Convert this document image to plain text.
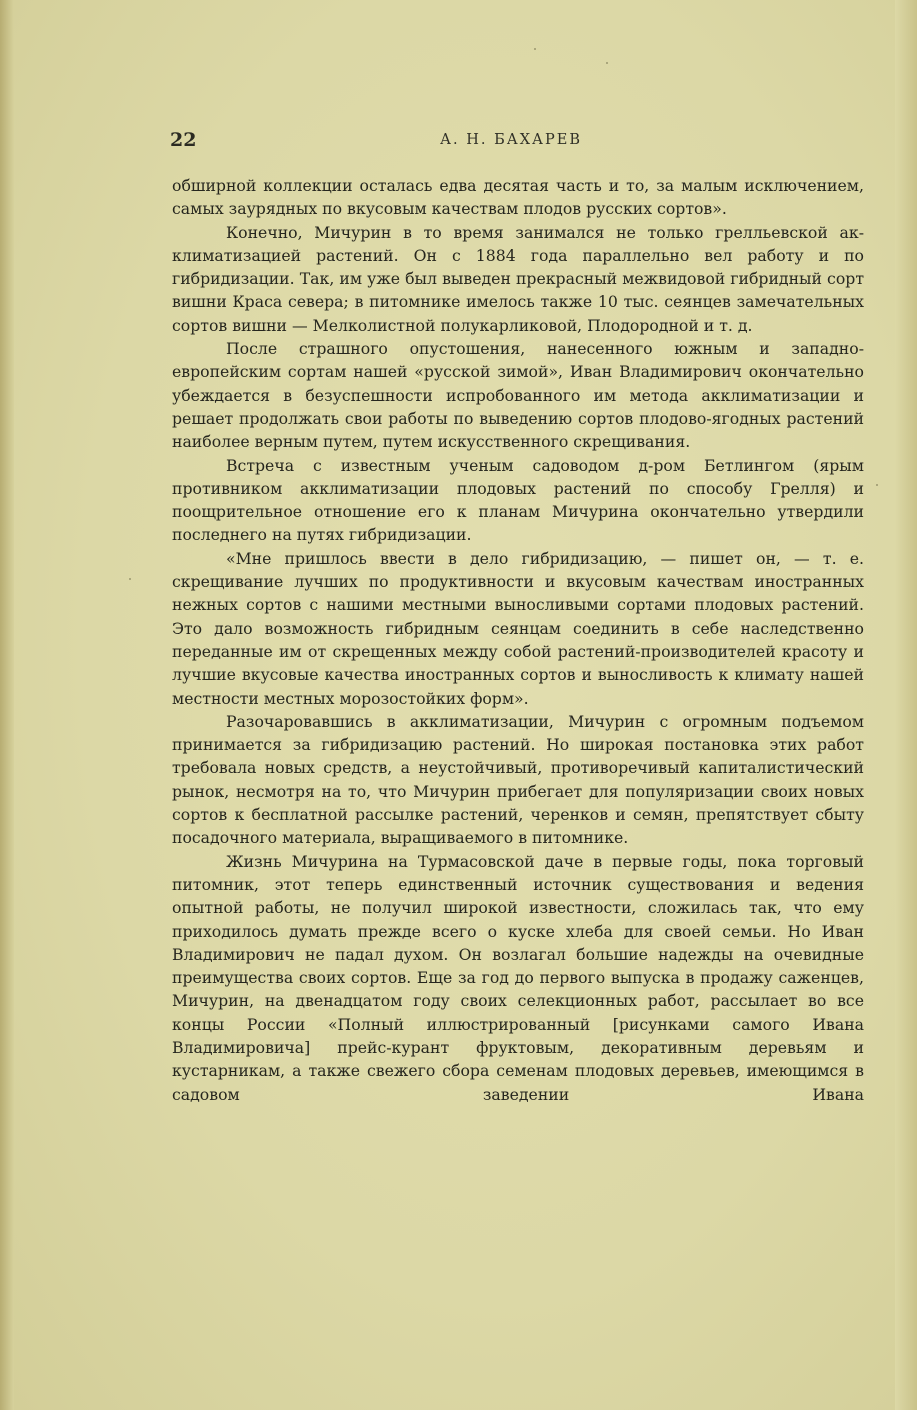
22	А. Н. БАХАРЕВ

обширной коллекции осталась едва десятая часть и то, за малым исключением, самых заурядных по вкусовым качествам плодов русских сортов».

Конечно, Мичурин в то время занимался не только грелльевской акклиматизацией растений. Он с 1884 года параллельно вел работу и по гибридизации. Так, им уже был выведен прекрасный межвидовой гибридный сорт вишни Краса севера; в питомнике имелось также 10 тыс. сеянцев замечательных сортов вишни — Мелколистной полукарликовой, Плодородной и т. д.

После страшного опустошения, нанесенного южным и западноевропейским сортам нашей «русской зимой», Иван Владимирович окончательно убеждается в безуспешности испробованного им метода акклиматизации и решает продолжать свои работы по выведению сортов плодово-ягодных растений наиболее верным путем, путем искусственного скрещивания.

Встреча с известным ученым садоводом д-ром Бетлингом (ярым противником акклиматизации плодовых растений по способу Грелля) и поощрительное отношение его к планам Мичурина окончательно утвердили последнего на путях гибридизации.

«Мне пришлось ввести в дело гибридизацию, — пишет он, — т. е. скрещивание лучших по продуктивности и вкусовым качествам иностранных нежных сортов с нашими местными выносливыми сортами плодовых растений. Это дало возможность гибридным сеянцам соединить в себе наследственно переданные им от скрещенных между собой растений-производителей красоту и лучшие вкусовые качества иностранных сортов и выносливость к климату нашей местности местных морозостойких форм».

Разочаровавшись в акклиматизации, Мичурин с огромным подъемом принимается за гибридизацию растений. Но широкая постановка этих работ требовала новых средств, а неустойчивый, противоречивый капиталистический рынок, несмотря на то, что Мичурин прибегает для популяризации своих новых сортов к бесплатной рассылке растений, черенков и семян, препятствует сбыту посадочного материала, выращиваемого в питомнике.

Жизнь Мичурина на Турмасовской даче в первые годы, пока торговый питомник, этот теперь единственный источник существования и ведения опытной работы, не получил широкой известности, сложилась так, что ему приходилось думать прежде всего о куске хлеба для своей семьи. Но Иван Владимирович не падал духом. Он возлагал большие надежды на очевидные преимущества своих сортов. Еще за год до первого выпуска в продажу саженцев, Мичурин, на двенадцатом году своих селекционных работ, рассылает во все концы России «Полный иллюстрированный [рисунками самого Ивана Владимировича] прейс-курант фруктовым, декоративным деревьям и кустарникам, а также свежего сбора семенам плодовых деревьев, имеющимся в садовом заведении Ивана
